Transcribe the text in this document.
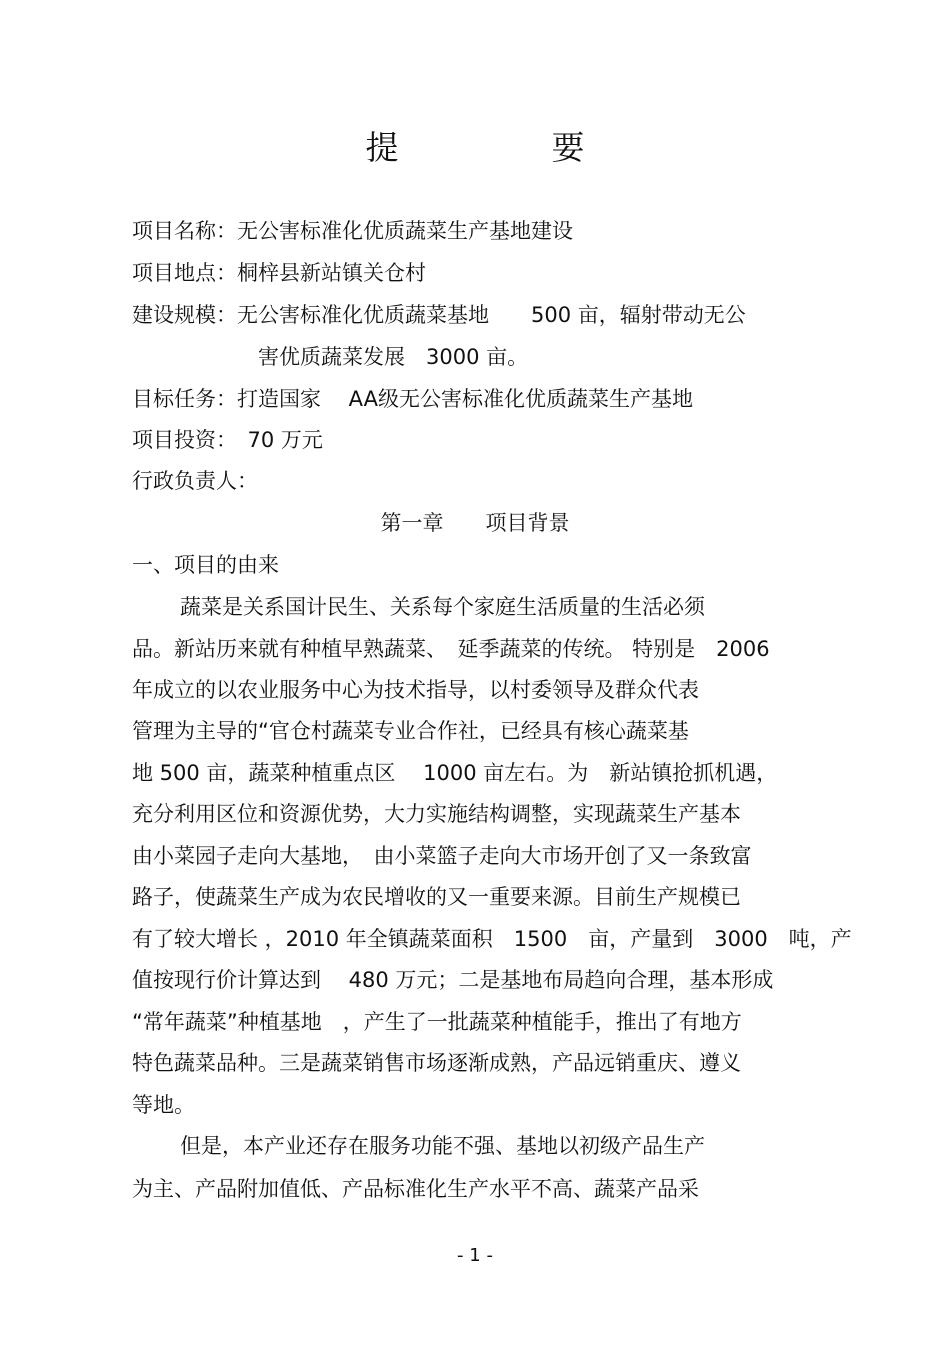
提　要
项目名称：无公害标准化优质蔬菜生产基地建设
项目地点：桐梓县新站镇关仓村
建设规模：无公害标准化优质蔬菜基地　　500 亩，辐射带动无公
害优质蔬菜发展　3000 亩。
目标任务：打造国家　 AA级无公害标准化优质蔬菜生产基地
项目投资：　70 万元
行政负责人：
第一章　　项目背景
一、项目的由来
蔬菜是关系国计民生、关系每个家庭生活质量的生活必须
品。新站历来就有种植早熟蔬菜、　延季蔬菜的传统。 特别是　2006
年成立的以农业服务中心为技术指导，以村委领导及群众代表
管理为主导的“官仓村蔬菜专业合作社，已经具有核心蔬菜基
地 500 亩，蔬菜种植重点区　 1000 亩左右。为　新站镇抢抓机遇，
充分利用区位和资源优势，大力实施结构调整，实现蔬菜生产基本
由小菜园子走向大基地，　由小菜篮子走向大市场开创了又一条致富
路子，使蔬菜生产成为农民增收的又一重要来源。目前生产规模已
有了较大增长 ，2010 年全镇蔬菜面积　1500　亩，产量到　3000　吨，产
值按现行价计算达到　 480 万元；二是基地布局趋向合理，基本形成
“常年蔬菜”种植基地　，产生了一批蔬菜种植能手，推出了有地方
特色蔬菜品种。三是蔬菜销售市场逐渐成熟，产品远销重庆、遵义
等地。
但是，本产业还存在服务功能不强、基地以初级产品生产
为主、产品附加值低、产品标准化生产水平不高、蔬菜产品采
- 1 -
